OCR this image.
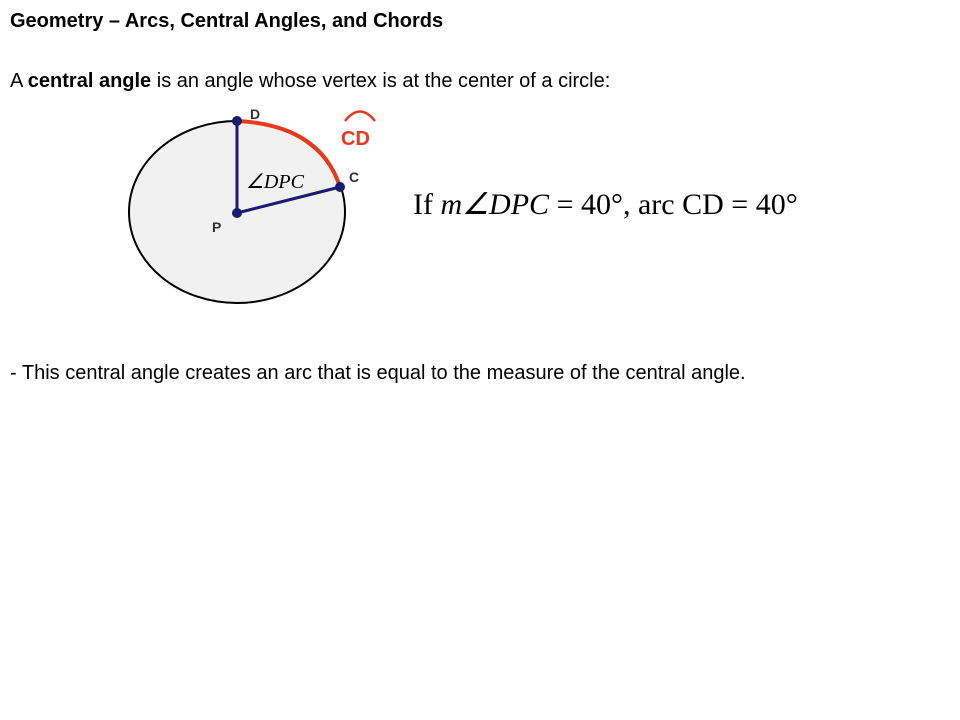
Geometry – Arcs, Central Angles, and Chords
A central angle is an angle whose vertex is at the center of a circle:
D
C
P
∠DPC
CD
If m∠DPC = 40°, arc CD = 40°
- This central angle creates an arc that is equal to the measure of the central angle.
